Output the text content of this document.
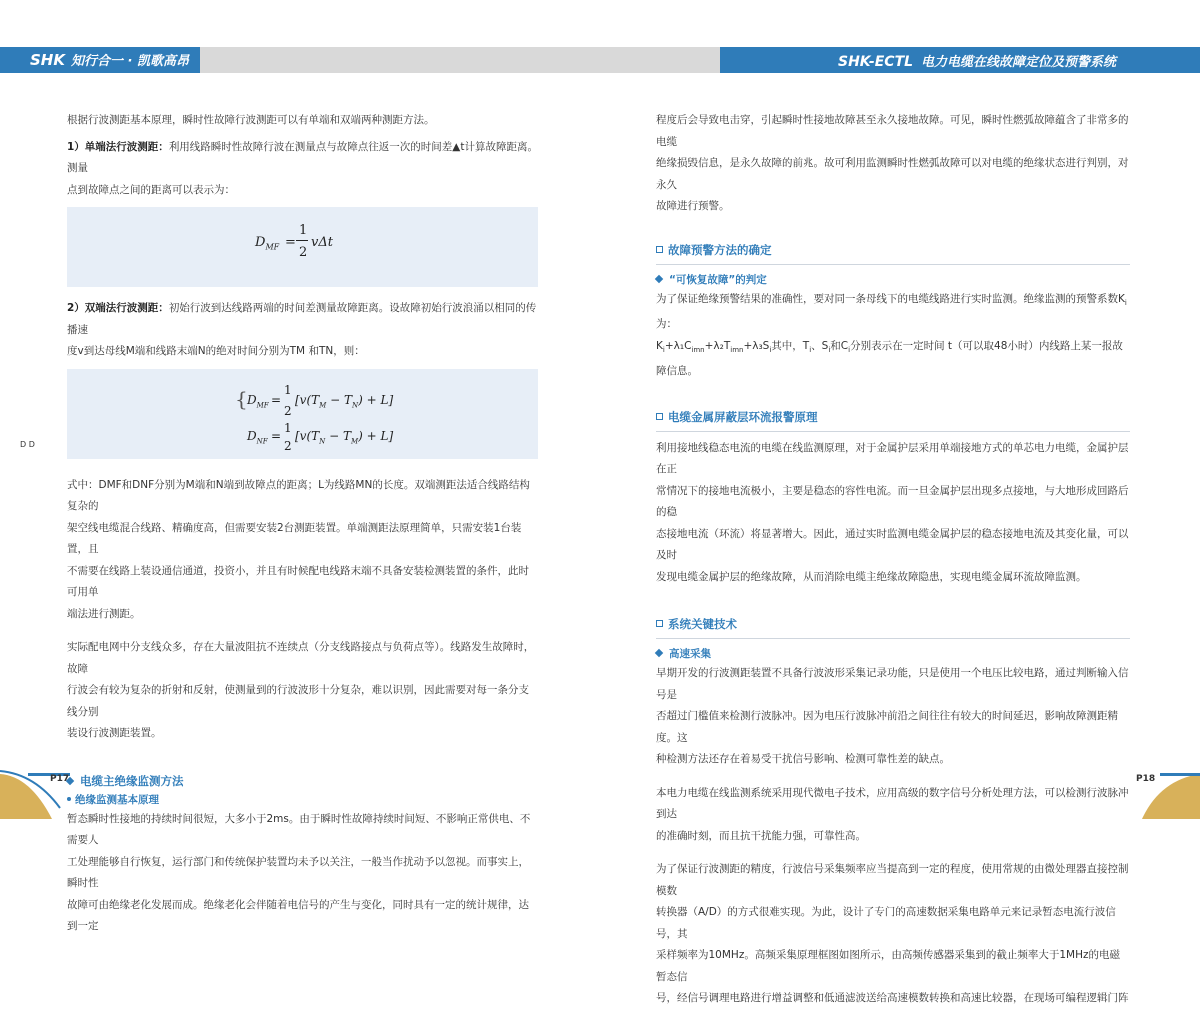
SHK 知行合一 · 凯歌高昂	SHK-ECTL 电力电缆在线故障定位及预警系统

根据行波测距基本原理，瞬时性故障行波测距可以有单端和双端两种测距方法。

1）单端法行波测距：利用线路瞬时性故障行波在测量点与故障点往返一次的时间差▲t计算故障距离。测量

点到故障点之间的距离可以表示为：

$D_{MF}$ =
1
2
vΔt

2）双端法行波测距：初始行波到达线路两端的时间差测量故障距离。设故障初始行波浪涌以相同的传播速

度v到达母线M端和线路末端N的绝对时间分别为TM 和TN，则：

{ $D_{MF}$ =
1
2
$[v(T_M - T_N) + L]$
$D_{NF}$ =
1
2
$[v(T_N - T_M) + L]$

式中：DMF和DNF分别为M端和N端到故障点的距离；L为线路MN的长度。双端测距法适合线路结构复杂的

架空线电缆混合线路、精确度高，但需要安装2台测距装置。单端测距法原理简单，只需安装1台装置，且

不需要在线路上装设通信通道，投资小，并且有时候配电线路末端不具备安装检测装置的条件，此时可用单

端法进行测距。

实际配电网中分支线众多，存在大量波阻抗不连续点（分支线路接点与负荷点等）。线路发生故障时，故障

行波会有较为复杂的折射和反射，使测量到的行波波形十分复杂，难以识别，因此需要对每一条分支线分别

装设行波测距装置。

电缆主绝缘监测方法
绝缘监测基本原理

暂态瞬时性接地的持续时间很短，大多小于2ms。由于瞬时性故障持续时间短、不影响正常供电、不需要人

工处理能够自行恢复，运行部门和传统保护装置均未予以关注，一般当作扰动予以忽视。而事实上，瞬时性

故障可由绝缘老化发展而成。绝缘老化会伴随着电信号的产生与变化，同时具有一定的统计规律，达到一定

D D

程度后会导致电击穿，引起瞬时性接地故障甚至永久接地故障。可见，瞬时性燃弧故障蕴含了非常多的电缆

绝缘损毁信息，是永久故障的前兆。故可利用监测瞬时性燃弧故障可以对电缆的绝缘状态进行判别，对永久

故障进行预警。

故障预警方法的确定
“可恢复故障”的判定

为了保证绝缘预警结果的准确性，要对同一条母线下的电缆线路进行实时监测。绝缘监测的预警系数$K_i$为：

$K_i+\lambda_1C_{imn}+\lambda_2T_{imn}+\lambda_3S_i$其中，$T_i$、$S_i$和$C_i$分别表示在一定时间 t（可以取48小时）内线路上某一报故障信息。

电缆金属屏蔽层环流报警原理

利用接地线稳态电流的电缆在线监测原理，对于金属护层采用单端接地方式的单芯电力电缆，金属护层在正

常情况下的接地电流极小，主要是稳态的容性电流。而一旦金属护层出现多点接地，与大地形成回路后的稳

态接地电流（环流）将显著增大。因此，通过实时监测电缆金属护层的稳态接地电流及其变化量，可以及时

发现电缆金属护层的绝缘故障，从而消除电缆主绝缘故障隐患，实现电缆金属环流故障监测。

系统关键技术
高速采集

早期开发的行波测距装置不具备行波波形采集记录功能，只是使用一个电压比较电路，通过判断输入信号是

否超过门槛值来检测行波脉冲。因为电压行波脉冲前沿之间往往有较大的时间延迟，影响故障测距精度。这

种检测方法还存在着易受干扰信号影响、检测可靠性差的缺点。

本电力电缆在线监测系统采用现代微电子技术，应用高级的数字信号分析处理方法，可以检测行波脉冲到达

的准确时刻，而且抗干扰能力强，可靠性高。

为了保证行波测距的精度，行波信号采集频率应当提高到一定的程度，使用常规的由微处理器直接控制模数

转换器（A/D）的方式很难实现。为此，设计了专门的高速数据采集电路单元来记录暂态电流行波信号，其

采样频率为10MHz。高频采集原理框图如图所示，由高频传感器采集到的截止频率大于1MHz的电磁暂态信

号，经信号调理电路进行增益调整和低通滤波送给高速模数转换和高速比较器，在现场可编程逻辑门阵

P17	P18
